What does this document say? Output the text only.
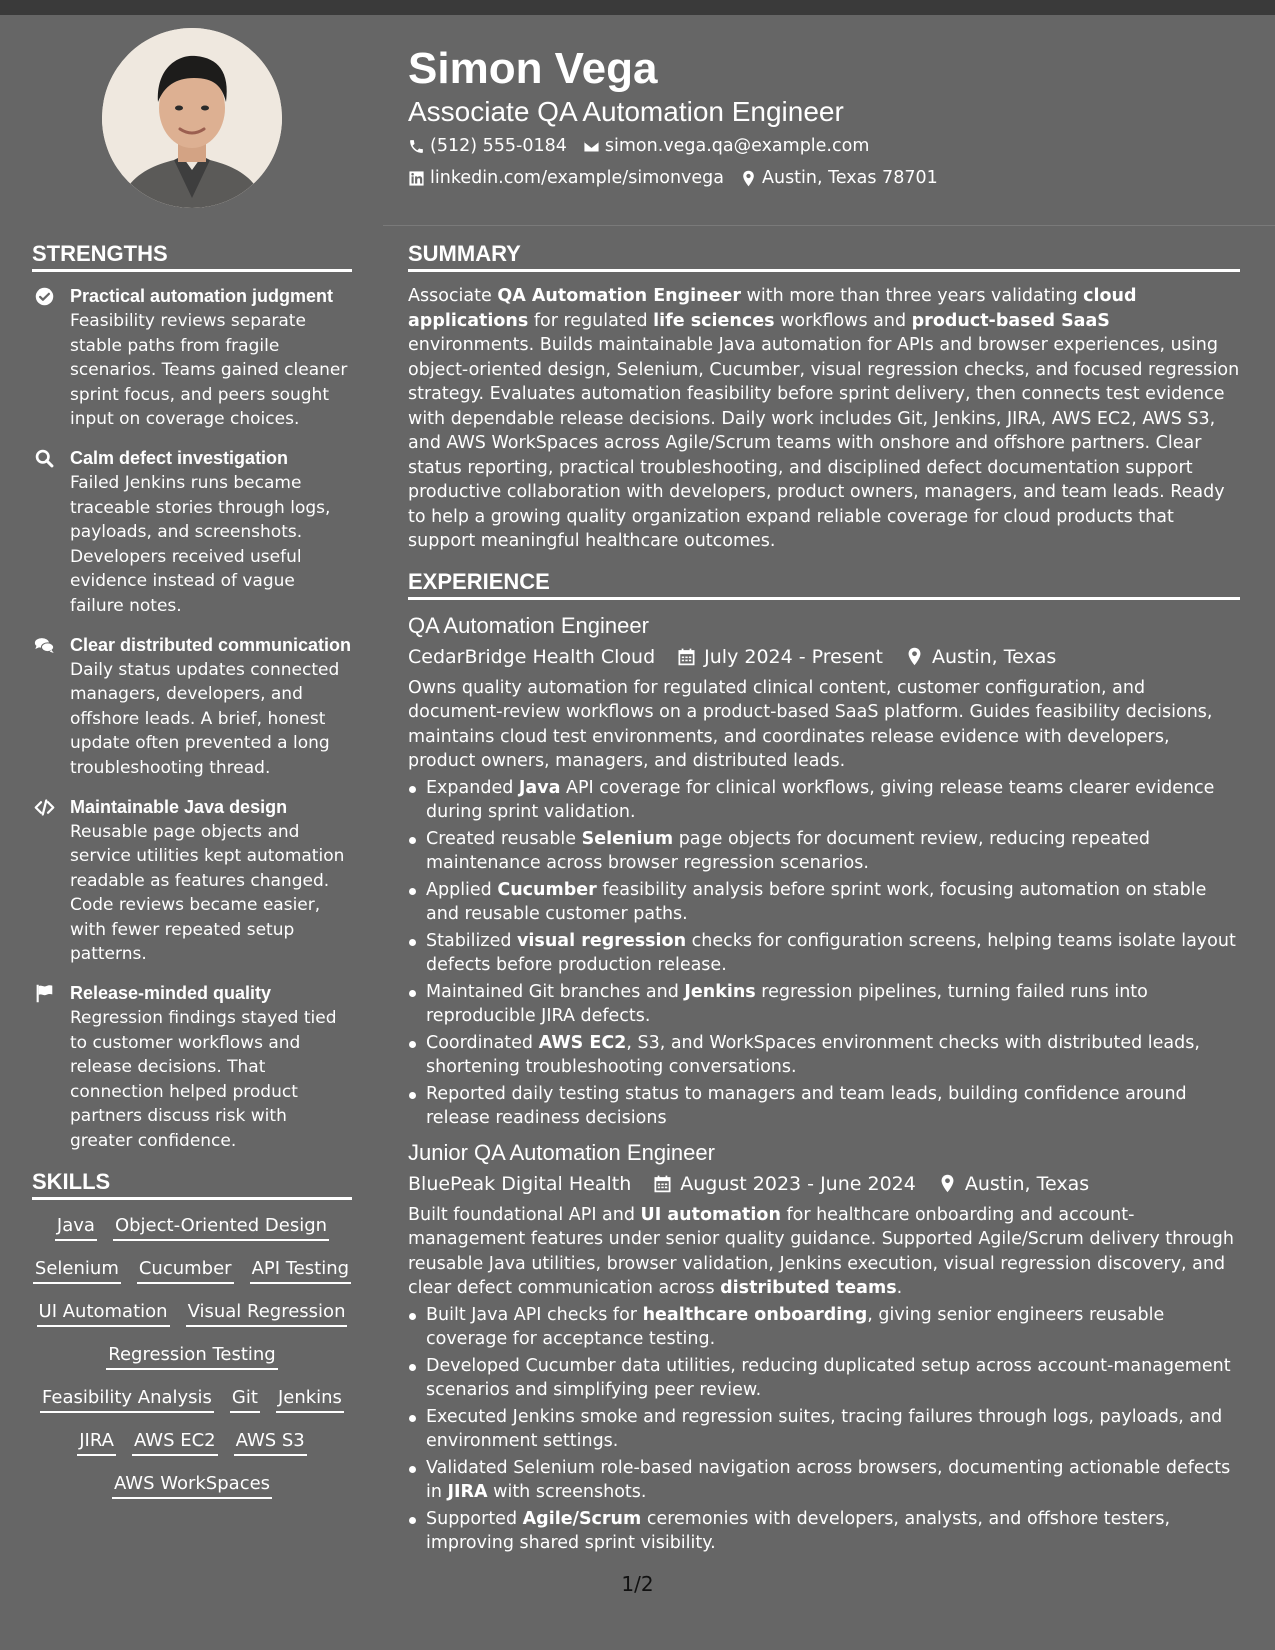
Simon Vega
Associate QA Automation Engineer
(512) 555-0184 simon.vega.qa@example.com
linkedin.com/example/simonvega Austin, Texas 78701
STRENGTHS
Practical automation judgment
Feasibility reviews separate stable paths from fragile scenarios. Teams gained cleaner sprint focus, and peers sought input on coverage choices.
Calm defect investigation
Failed Jenkins runs became traceable stories through logs, payloads, and screenshots. Developers received useful evidence instead of vague failure notes.
Clear distributed communication
Daily status updates connected managers, developers, and offshore leads. A brief, honest update often prevented a long troubleshooting thread.
Maintainable Java design
Reusable page objects and service utilities kept automation readable as features changed. Code reviews became easier, with fewer repeated setup patterns.
Release-minded quality
Regression findings stayed tied to customer workflows and release decisions. That connection helped product partners discuss risk with greater confidence.
SKILLS
Java Object-Oriented Design
Selenium Cucumber API Testing
UI Automation Visual Regression
Regression Testing
Feasibility Analysis Git Jenkins
JIRA AWS EC2 AWS S3
AWS WorkSpaces
SUMMARY

Associate QA Automation Engineer with more than three years validating cloud applications for regulated life sciences workflows and product-based SaaS environments. Builds maintainable Java automation for APIs and browser experiences, using object-oriented design, Selenium, Cucumber, visual regression checks, and focused regression strategy. Evaluates automation feasibility before sprint delivery, then connects test evidence with dependable release decisions. Daily work includes Git, Jenkins, JIRA, AWS EC2, AWS S3, and AWS WorkSpaces across Agile/Scrum teams with onshore and offshore partners. Clear status reporting, practical troubleshooting, and disciplined defect documentation support productive collaboration with developers, product owners, managers, and team leads. Ready to help a growing quality organization expand reliable coverage for cloud products that support meaningful healthcare outcomes.

EXPERIENCE
QA Automation Engineer
CedarBridge Health Cloud	July 2024 - Present	Austin, Texas

Owns quality automation for regulated clinical content, customer configuration, and document-review workflows on a product-based SaaS platform. Guides feasibility decisions, maintains cloud test environments, and coordinates release evidence with developers, product owners, managers, and distributed leads.

Expanded Java API coverage for clinical workflows, giving release teams clearer evidence during sprint validation.
Created reusable Selenium page objects for document review, reducing repeated maintenance across browser regression scenarios.
Applied Cucumber feasibility analysis before sprint work, focusing automation on stable and reusable customer paths.
Stabilized visual regression checks for configuration screens, helping teams isolate layout defects before production release.
Maintained Git branches and Jenkins regression pipelines, turning failed runs into reproducible JIRA defects.
Coordinated AWS EC2, S3, and WorkSpaces environment checks with distributed leads, shortening troubleshooting conversations.
Reported daily testing status to managers and team leads, building confidence around release readiness decisions
Junior QA Automation Engineer
BluePeak Digital Health	August 2023 - June 2024	Austin, Texas

Built foundational API and UI automation for healthcare onboarding and account-management features under senior quality guidance. Supported Agile/Scrum delivery through reusable Java utilities, browser validation, Jenkins execution, visual regression discovery, and clear defect communication across distributed teams.

Built Java API checks for healthcare onboarding, giving senior engineers reusable coverage for acceptance testing.
Developed Cucumber data utilities, reducing duplicated setup across account-management scenarios and simplifying peer review.
Executed Jenkins smoke and regression suites, tracing failures through logs, payloads, and environment settings.
Validated Selenium role-based navigation across browsers, documenting actionable defects in JIRA with screenshots.
Supported Agile/Scrum ceremonies with developers, analysts, and offshore testers, improving shared sprint visibility.
1/2
